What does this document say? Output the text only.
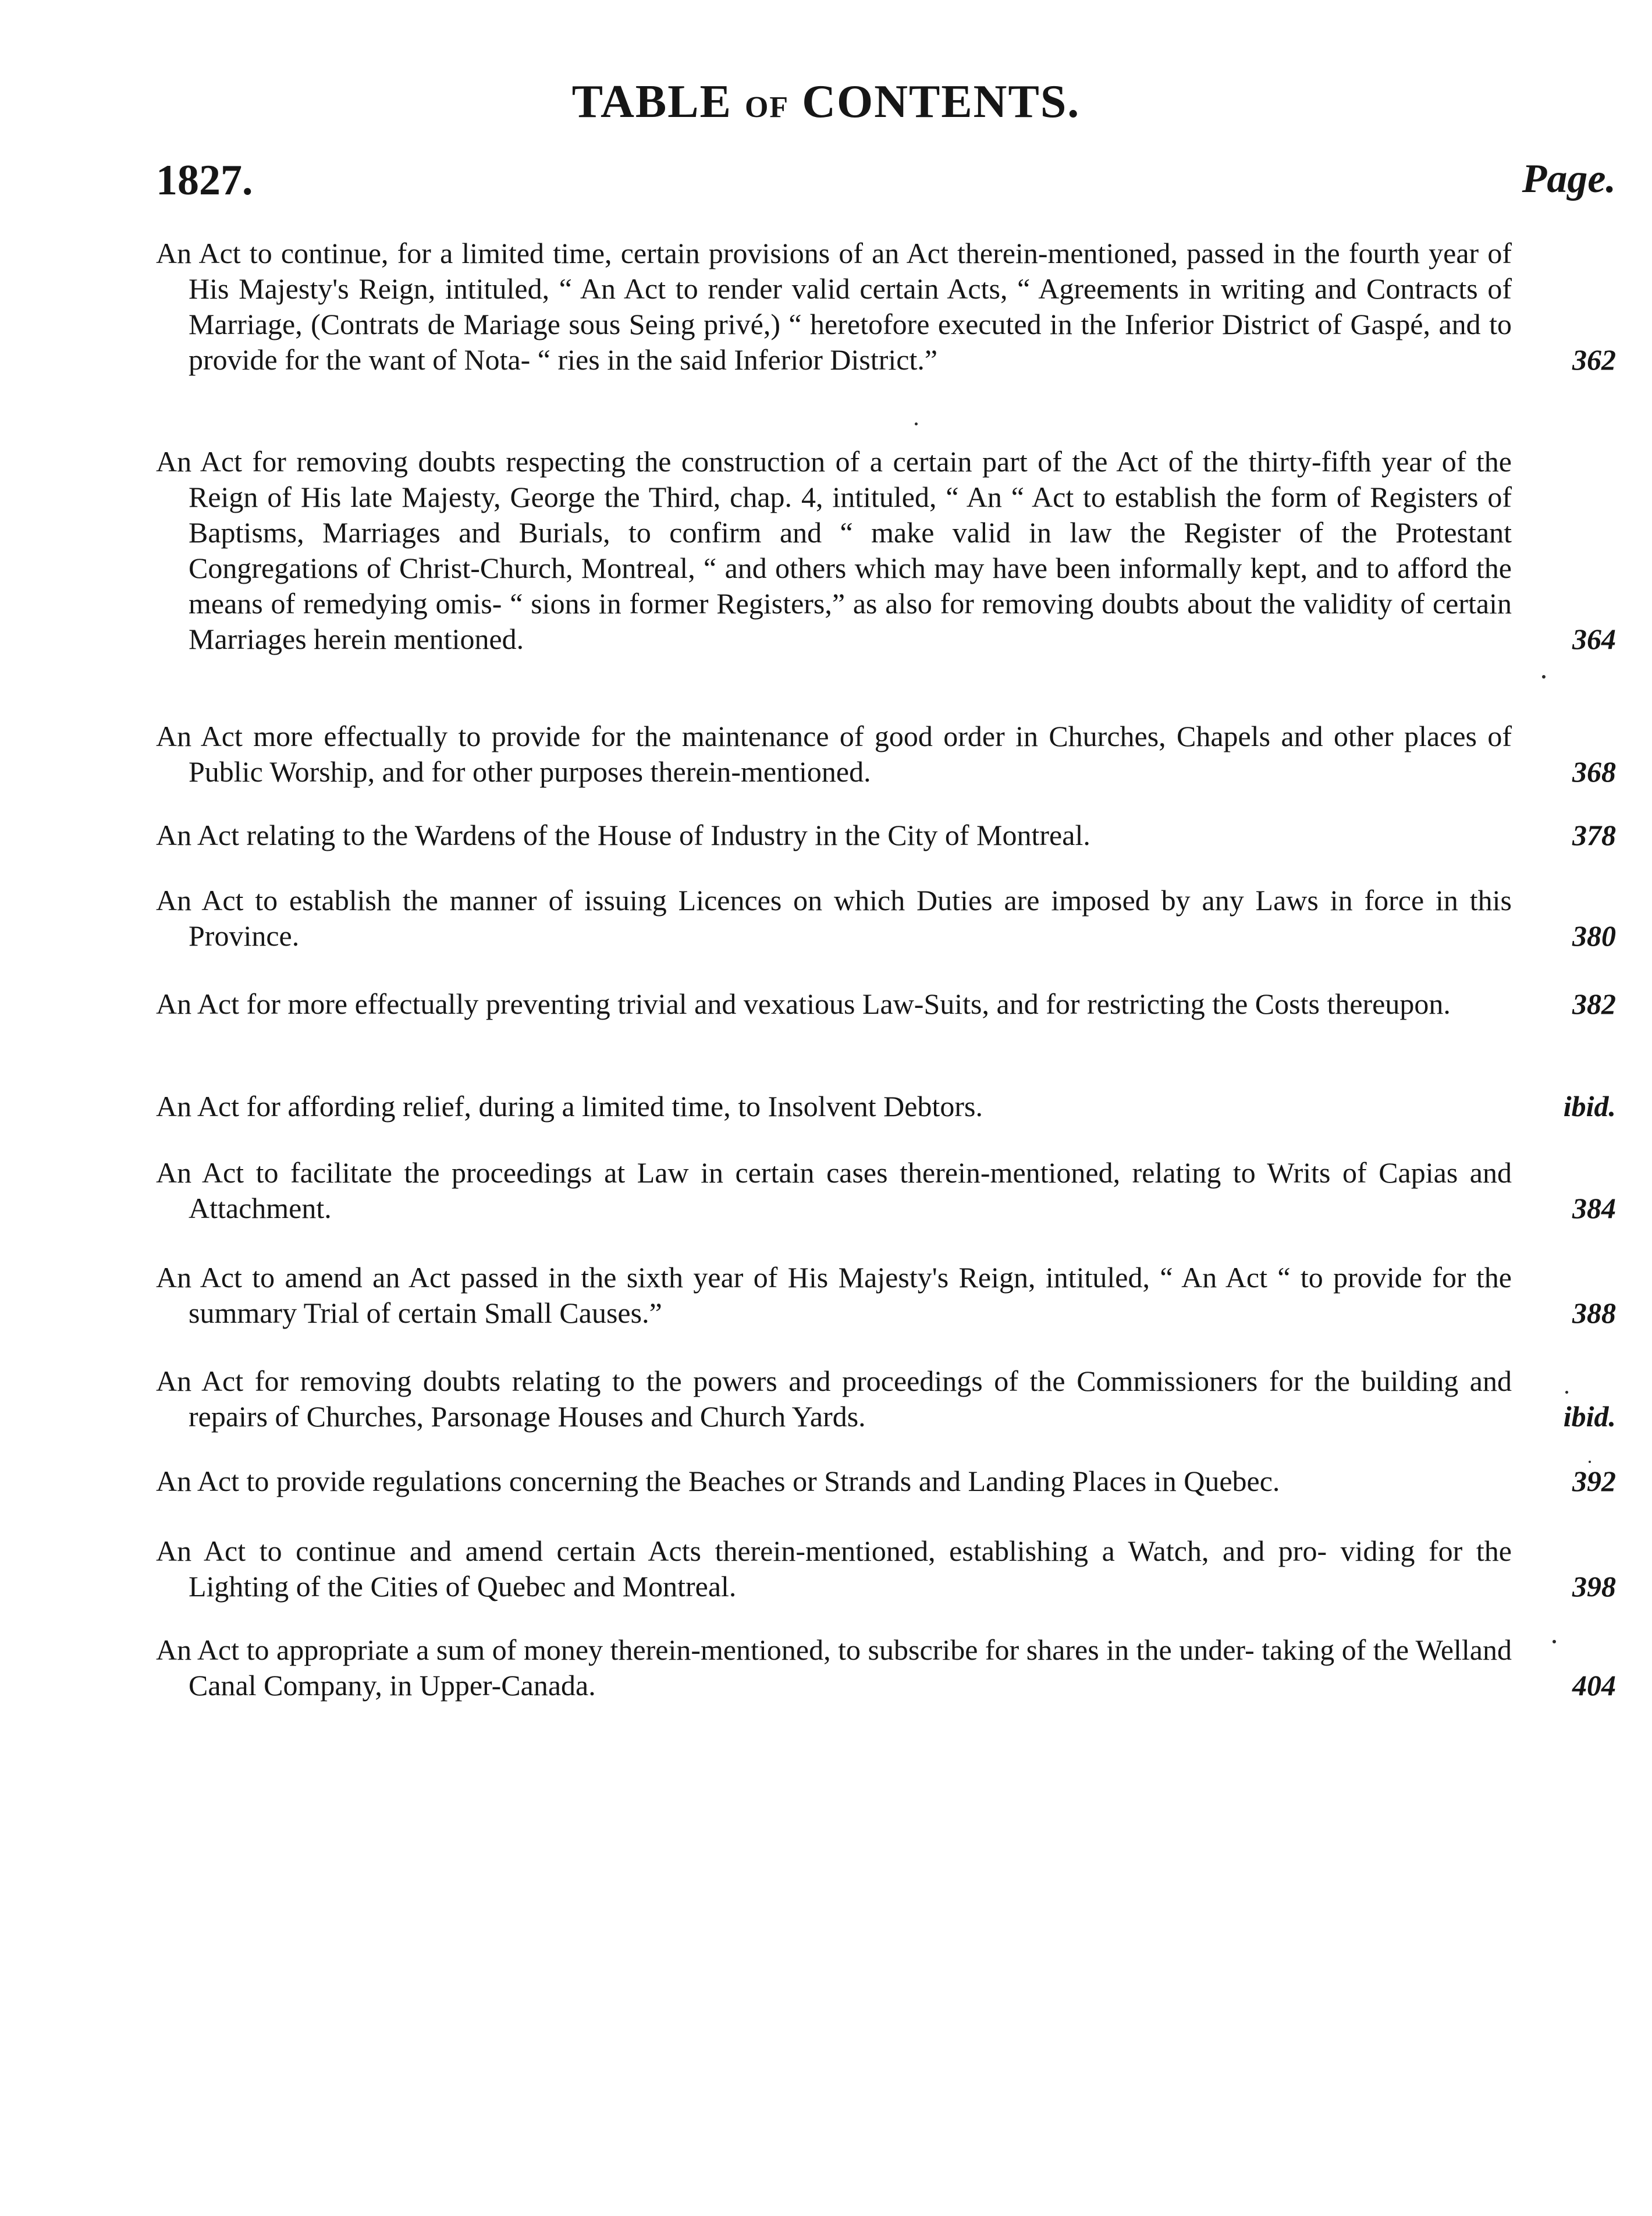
TABLE OF CONTENTS.
1827.	Page.
An Act to continue, for a limited time, certain provisions of an Act therein-mentioned, passed in the fourth year of His Majesty's Reign, intituled, “ An Act to render valid certain Acts, “ Agreements in writing and Contracts of Marriage, (Contrats de Mariage sous Seing privé,) “ heretofore executed in the Inferior District of Gaspé, and to provide for the want of Nota- “ ries in the said Inferior District.”	362
An Act for removing doubts respecting the construction of a certain part of the Act of the thirty-fifth year of the Reign of His late Majesty, George the Third, chap. 4, intituled, “ An “ Act to establish the form of Registers of Baptisms, Marriages and Burials, to confirm and “ make valid in law the Register of the Protestant Congregations of Christ-Church, Montreal, “ and others which may have been informally kept, and to afford the means of remedying omis- “ sions in former Registers,” as also for removing doubts about the validity of certain Marriages herein mentioned.	364
An Act more effectually to provide for the maintenance of good order in Churches, Chapels and other places of Public Worship, and for other purposes therein-mentioned.	368
An Act relating to the Wardens of the House of Industry in the City of Montreal.	378
An Act to establish the manner of issuing Licences on which Duties are imposed by any Laws in force in this Province.	380
An Act for more effectually preventing trivial and vexatious Law-Suits, and for restricting the Costs thereupon.	382
An Act for affording relief, during a limited time, to Insolvent Debtors.	ibid.
An Act to facilitate the proceedings at Law in certain cases therein-mentioned, relating to Writs of Capias and Attachment.	384
An Act to amend an Act passed in the sixth year of His Majesty's Reign, intituled, “ An Act “ to provide for the summary Trial of certain Small Causes.”	388
An Act for removing doubts relating to the powers and proceedings of the Commissioners for the building and repairs of Churches, Parsonage Houses and Church Yards.	ibid.
An Act to provide regulations concerning the Beaches or Strands and Landing Places in Quebec.	392
An Act to continue and amend certain Acts therein-mentioned, establishing a Watch, and pro- viding for the Lighting of the Cities of Quebec and Montreal.	398
An Act to appropriate a sum of money therein-mentioned, to subscribe for shares in the under- taking of the Welland Canal Company, in Upper-Canada.	404
